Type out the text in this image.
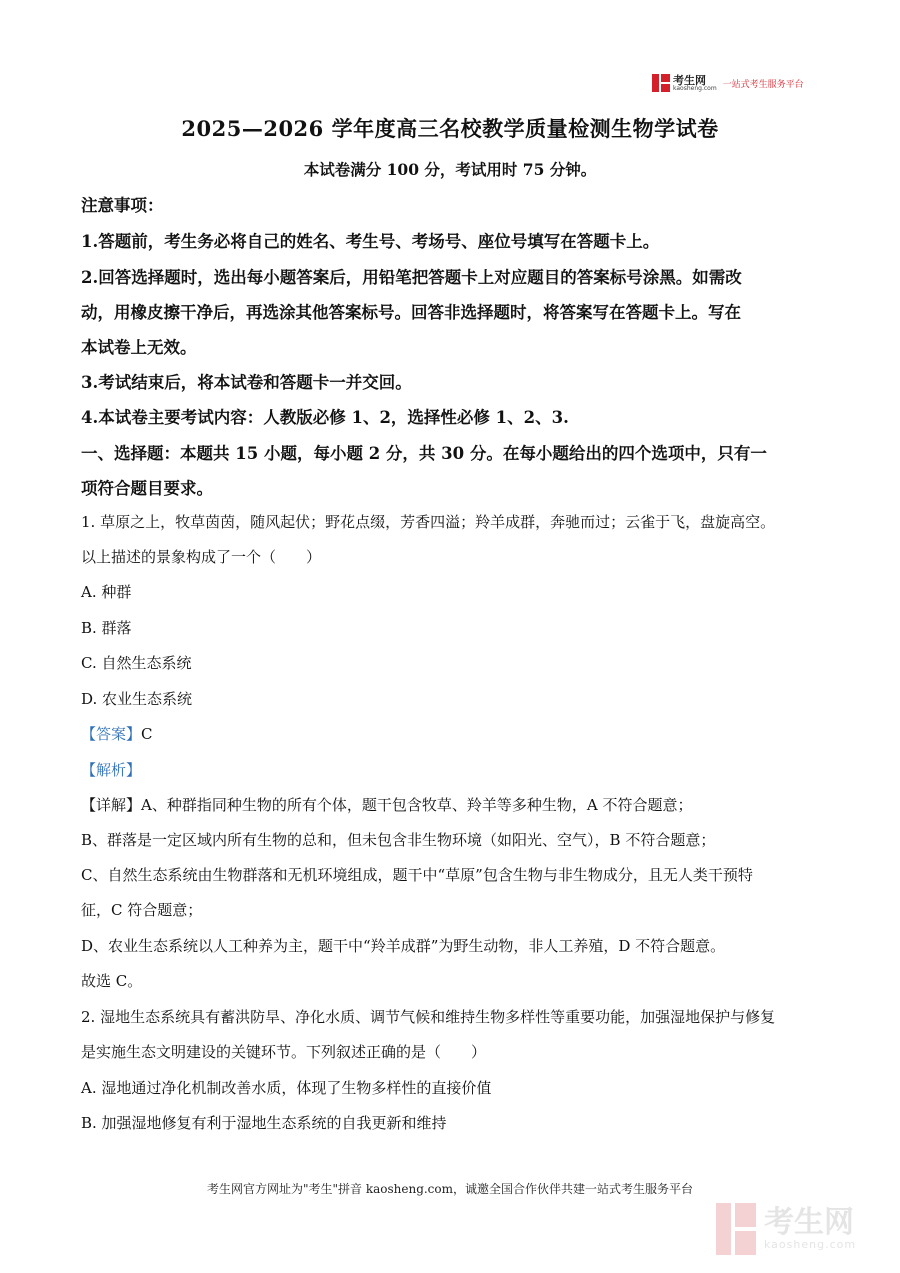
考生网
kaosheng.com 一站式考生服务平台
2025—2026 学年度高三名校教学质量检测生物学试卷
本试卷满分 100 分，考试用时 75 分钟。
注意事项：
1.答题前，考生务必将自己的姓名、考生号、考场号、座位号填写在答题卡上。
2.回答选择题时，选出每小题答案后，用铅笔把答题卡上对应题目的答案标号涂黑。如需改
动，用橡皮擦干净后，再选涂其他答案标号。回答非选择题时，将答案写在答题卡上。写在
本试卷上无效。
3.考试结束后，将本试卷和答题卡一并交回。
4.本试卷主要考试内容：人教版必修 1、2，选择性必修 1、2、3.
一、选择题：本题共 15 小题，每小题 2 分，共 30 分。在每小题给出的四个选项中，只有一
项符合题目要求。
1. 草原之上，牧草茵茵，随风起伏；野花点缀，芳香四溢；羚羊成群，奔驰而过；云雀于飞，盘旋高空。
以上描述的景象构成了一个（　　）
A. 种群
B. 群落
C. 自然生态系统
D. 农业生态系统
【答案】C
【解析】
【详解】A、种群指同种生物的所有个体，题干包含牧草、羚羊等多种生物，A 不符合题意；
B、群落是一定区域内所有生物的总和，但未包含非生物环境（如阳光、空气），B 不符合题意；
C、自然生态系统由生物群落和无机环境组成，题干中“草原”包含生物与非生物成分，且无人类干预特
征，C 符合题意；
D、农业生态系统以人工种养为主，题干中“羚羊成群”为野生动物，非人工养殖，D 不符合题意。
故选 C。
2. 湿地生态系统具有蓄洪防旱、净化水质、调节气候和维持生物多样性等重要功能，加强湿地保护与修复
是实施生态文明建设的关键环节。下列叙述正确的是（　　）
A. 湿地通过净化机制改善水质，体现了生物多样性的直接价值
B. 加强湿地修复有利于湿地生态系统的自我更新和维持
考生网官方网址为"考生"拼音 kaosheng.com，诚邀全国合作伙伴共建一站式考生服务平台
考生网
kaosheng.com
